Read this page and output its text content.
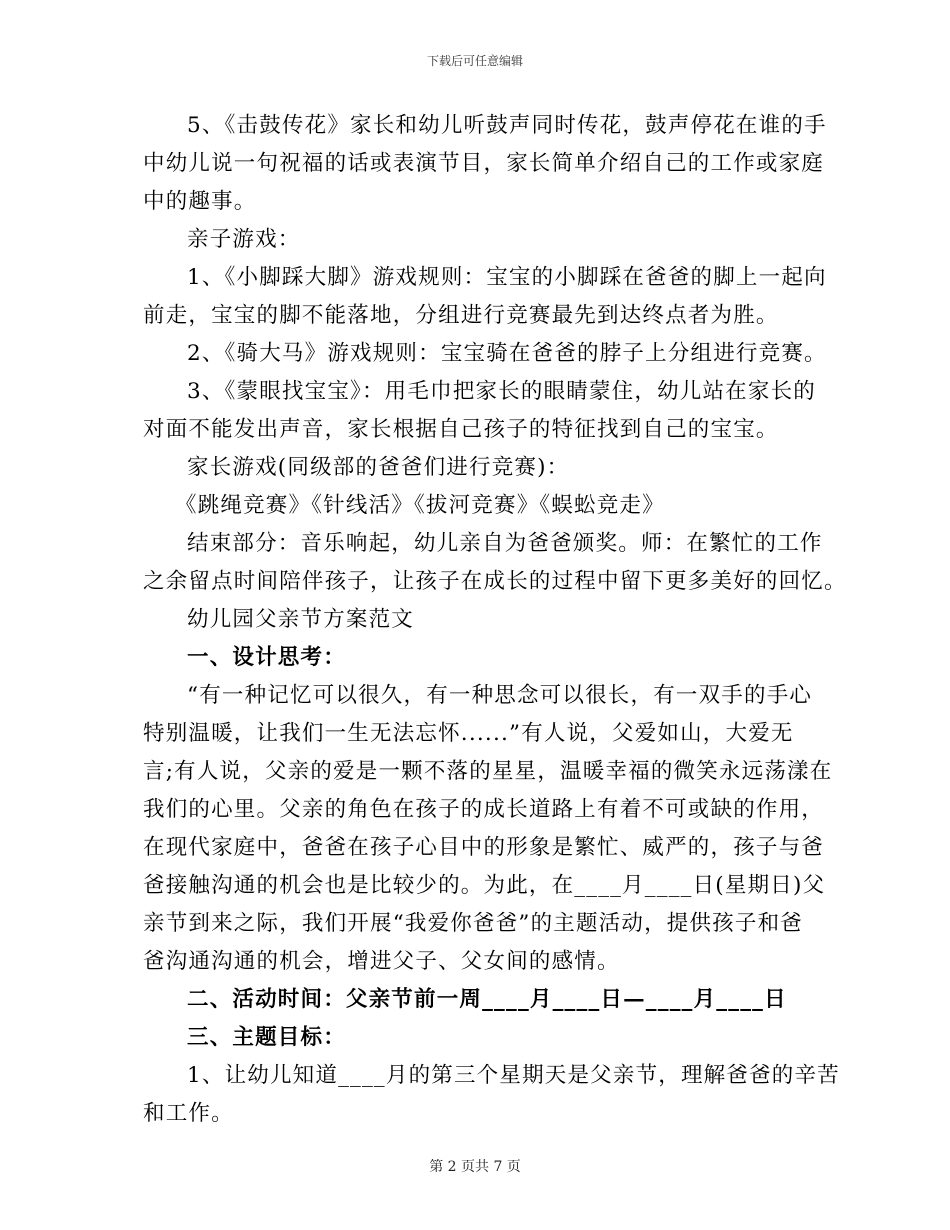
下载后可任意编辑
5、《击鼓传花》家长和幼儿听鼓声同时传花，鼓声停花在谁的手
中幼儿说一句祝福的话或表演节目，家长简单介绍自己的工作或家庭
中的趣事。
亲子游戏：
1、《小脚踩大脚》游戏规则：宝宝的小脚踩在爸爸的脚上一起向
前走，宝宝的脚不能落地，分组进行竞赛最先到达终点者为胜。
2、《骑大马》游戏规则：宝宝骑在爸爸的脖子上分组进行竞赛。
3、《蒙眼找宝宝》：用毛巾把家长的眼睛蒙住，幼儿站在家长的
对面不能发出声音，家长根据自己孩子的特征找到自己的宝宝。
家长游戏(同级部的爸爸们进行竞赛)：
《跳绳竞赛》《针线活》《拔河竞赛》《蜈蚣竞走》
结束部分：音乐响起，幼儿亲自为爸爸颁奖。师：在繁忙的工作
之余留点时间陪伴孩子，让孩子在成长的过程中留下更多美好的回忆。
幼儿园父亲节方案范文
一、设计思考：
“有一种记忆可以很久，有一种思念可以很长，有一双手的手心
特别温暖，让我们一生无法忘怀......”有人说，父爱如山，大爱无
言;有人说，父亲的爱是一颗不落的星星，温暖幸福的微笑永远荡漾在
我们的心里。父亲的角色在孩子的成长道路上有着不可或缺的作用，
在现代家庭中，爸爸在孩子心目中的形象是繁忙、威严的，孩子与爸
爸接触沟通的机会也是比较少的。为此，在____月____日(星期日)父
亲节到来之际，我们开展“我爱你爸爸”的主题活动，提供孩子和爸
爸沟通沟通的机会，增进父子、父女间的感情。
二、活动时间：父亲节前一周____月____日—____月____日
三、主题目标：
1、让幼儿知道____月的第三个星期天是父亲节，理解爸爸的辛苦
和工作。
第 2 页共 7 页
